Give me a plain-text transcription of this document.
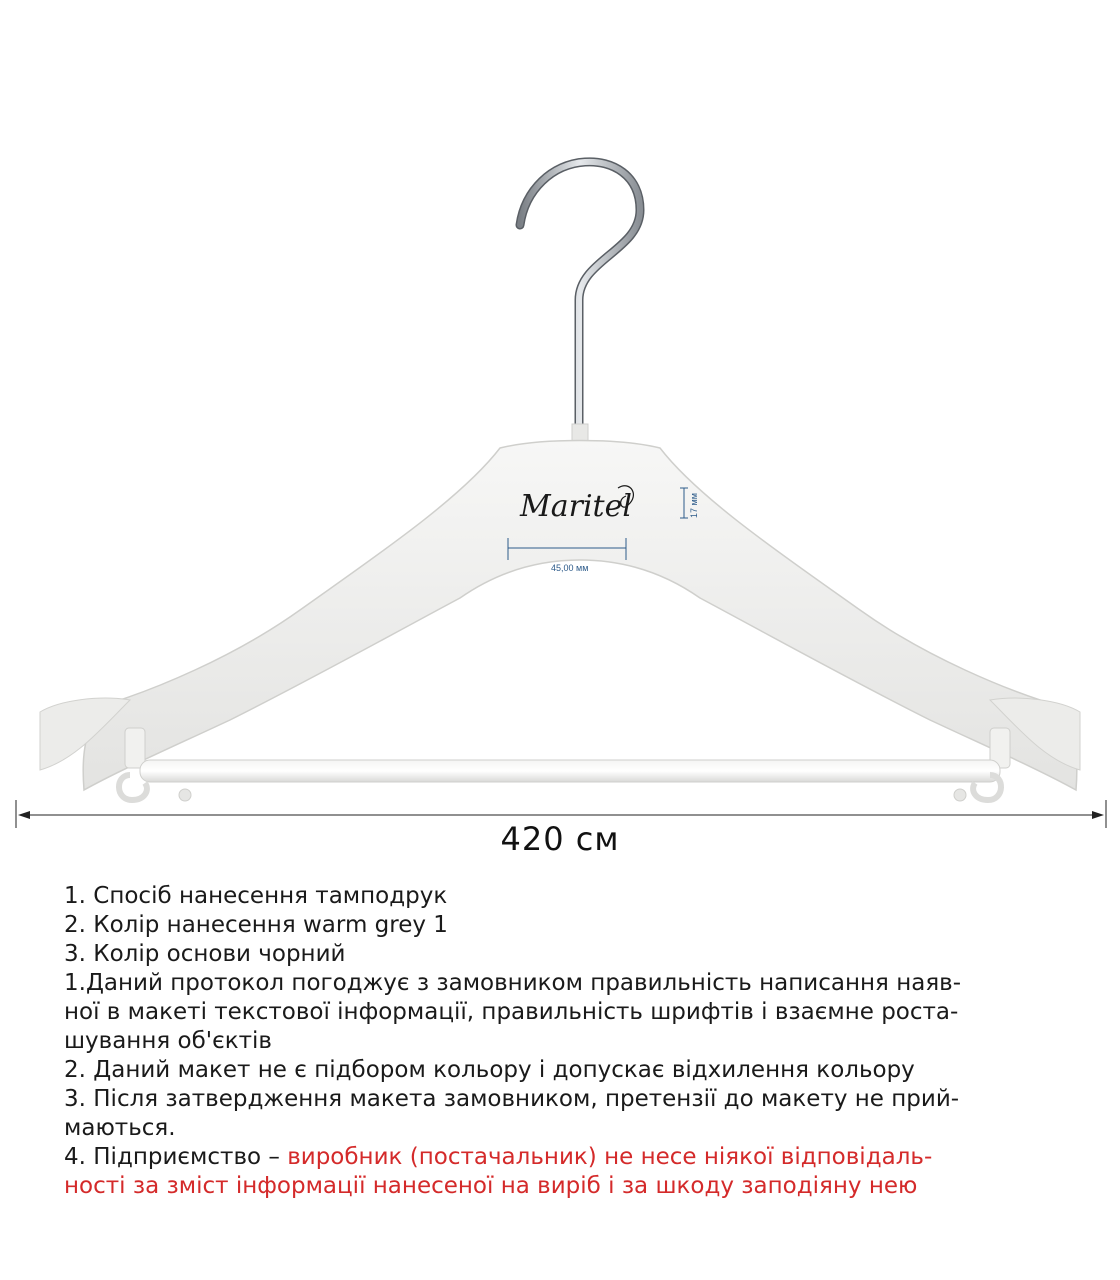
Maritel	17 мм
45,00 мм
420 см
1. Спосіб нанесення тамподрук
2. Колір нанесення warm grey 1
3. Колір основи чорний
1.Даний протокол погоджує з замовником правильність написання наяв-
ної в макеті текстової інформації, правильність шрифтів і взаємне роста-
шування об'єктів
2. Даний макет не є підбором кольору і допускає відхилення кольору
3. Після затвердження макета замовником, претензії до макету не прий-
маються.
4. Підприємство – виробник (постачальник) не несе ніякої відповідаль-
ності за зміст інформації нанесеної на виріб і за шкоду заподіяну нею
